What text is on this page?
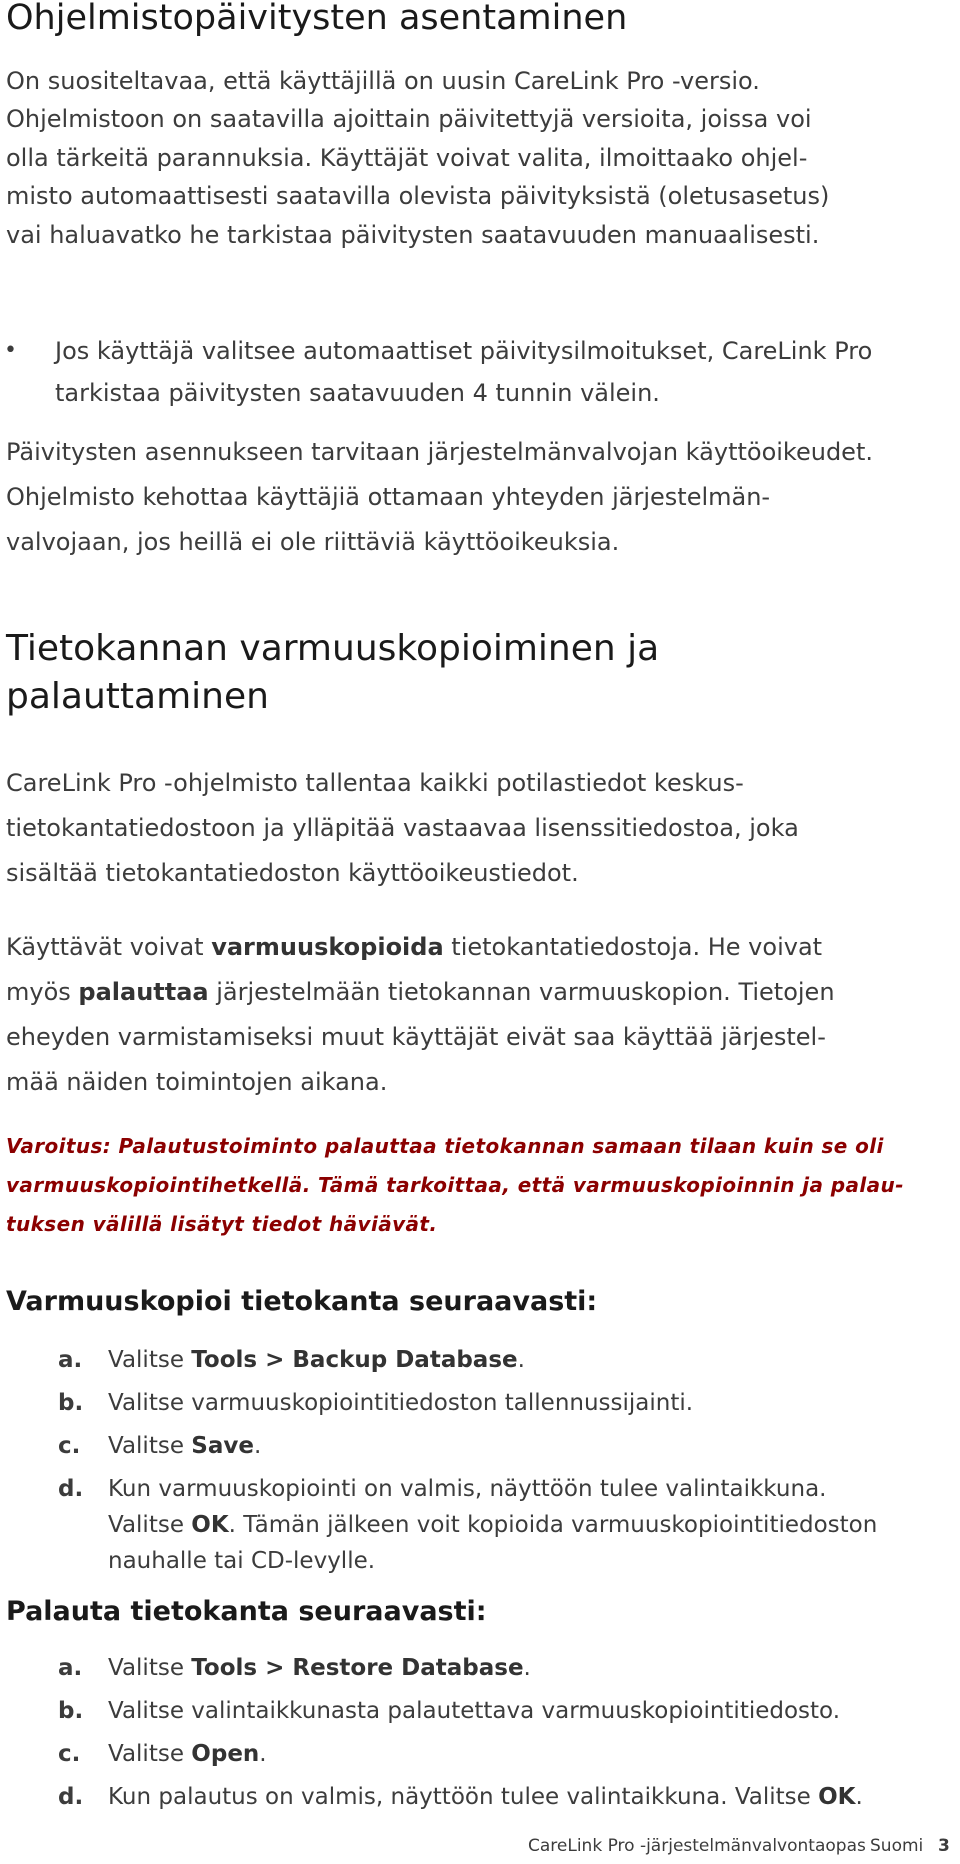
Ohjelmistopäivitysten asentaminen

On suositeltavaa, että käyttäjillä on uusin CareLink Pro -versio.

Ohjelmistoon on saatavilla ajoittain päivitettyjä versioita, joissa voi

olla tärkeitä parannuksia. Käyttäjät voivat valita, ilmoittaako ohjel-

misto automaattisesti saatavilla olevista päivityksistä (oletusasetus)

vai haluavatko he tarkistaa päivitysten saatavuuden manuaalisesti.

• Jos käyttäjä valitsee automaattiset päivitysilmoitukset, CareLink Pro

tarkistaa päivitysten saatavuuden 4 tunnin välein.

Päivitysten asennukseen tarvitaan järjestelmänvalvojan käyttöoikeudet.

Ohjelmisto kehottaa käyttäjiä ottamaan yhteyden järjestelmän-

valvojaan, jos heillä ei ole riittäviä käyttöoikeuksia.

Tietokannan varmuuskopioiminen ja
palauttaminen

CareLink Pro -ohjelmisto tallentaa kaikki potilastiedot keskus-

tietokantatiedostoon ja ylläpitää vastaavaa lisenssitiedostoa, joka

sisältää tietokantatiedoston käyttöoikeustiedot.

Käyttävät voivat varmuuskopioida tietokantatiedostoja. He voivat

myös palauttaa järjestelmään tietokannan varmuuskopion. Tietojen

eheyden varmistamiseksi muut käyttäjät eivät saa käyttää järjestel-

mää näiden toimintojen aikana.

Varoitus: Palautustoiminto palauttaa tietokannan samaan tilaan kuin se oli
varmuuskopiointihetkellä. Tämä tarkoittaa, että varmuuskopioinnin ja palau-
tuksen välillä lisätyt tiedot häviävät.
Varmuuskopioi tietokanta seuraavasti:
a. Valitse Tools > Backup Database.
b. Valitse varmuuskopiointitiedoston tallennussijainti.
c. Valitse Save.
d. Kun varmuuskopiointi on valmis, näyttöön tulee valintaikkuna.
Valitse OK. Tämän jälkeen voit kopioida varmuuskopiointitiedoston
nauhalle tai CD-levylle.
Palauta tietokanta seuraavasti:
a. Valitse Tools > Restore Database.
b. Valitse valintaikkunasta palautettava varmuuskopiointitiedosto.
c. Valitse Open.
d. Kun palautus on valmis, näyttöön tulee valintaikkuna. Valitse OK.
CareLink Pro -järjestelmänvalvontaopas Suomi 3
